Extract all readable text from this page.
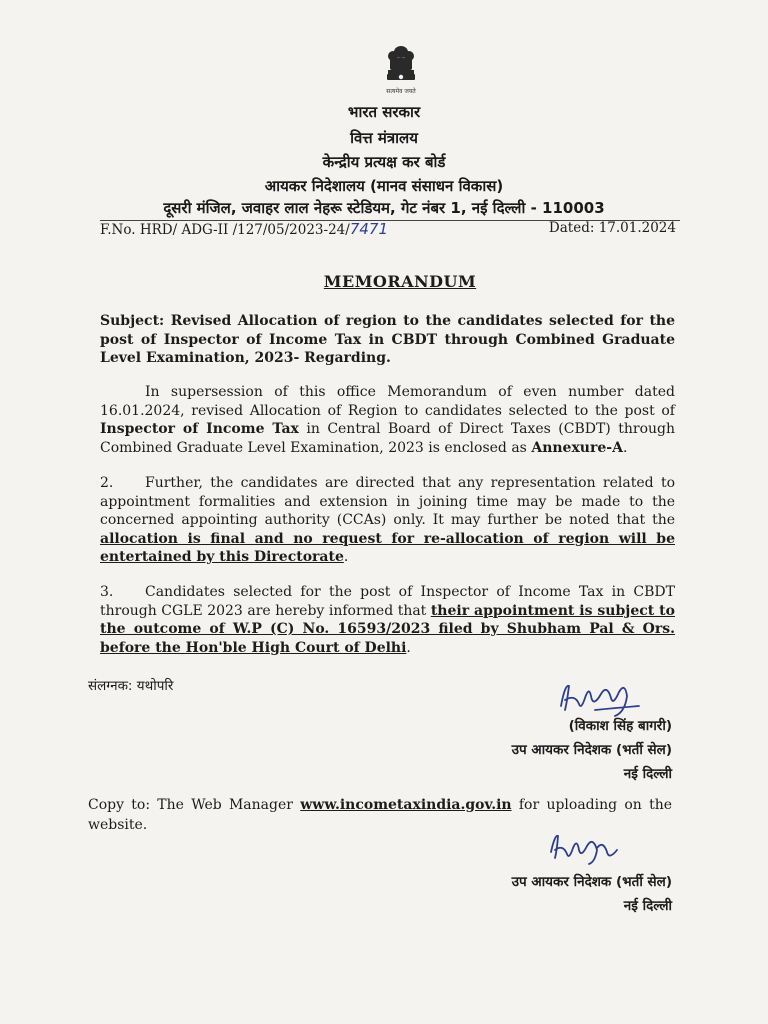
सत्यमेव जयते
भारत सरकार
वित्त मंत्रालय
केन्द्रीय प्रत्यक्ष कर बोर्ड
आयकर निदेशालय (मानव संसाधन विकास)
दूसरी मंजिल, जवाहर लाल नेहरू स्टेडियम, गेट नंबर 1, नई दिल्ली - 110003
F.No. HRD/ ADG-II /127/05/2023-24/7471	Dated: 17.01.2024
MEMORANDUM
Subject: Revised Allocation of region to the candidates selected for the post of Inspector of Income Tax in CBDT through Combined Graduate Level Examination, 2023- Regarding.
In supersession of this office Memorandum of even number dated 16.01.2024, revised Allocation of Region to candidates selected to the post of Inspector of Income Tax in Central Board of Direct Taxes (CBDT) through Combined Graduate Level Examination, 2023 is enclosed as Annexure-A.
2. Further, the candidates are directed that any representation related to appointment formalities and extension in joining time may be made to the concerned appointing authority (CCAs) only. It may further be noted that the allocation is final and no request for re-allocation of region will be entertained by this Directorate.
3. Candidates selected for the post of Inspector of Income Tax in CBDT through CGLE 2023 are hereby informed that their appointment is subject to the outcome of W.P (C) No. 16593/2023 filed by Shubham Pal & Ors. before the Hon'ble High Court of Delhi.
संलग्नक: यथोपरि
(विकाश सिंह बागरी)
उप आयकर निदेशक (भर्ती सेल)
नई दिल्ली
Copy to: The Web Manager www.incometaxindia.gov.in for uploading on the website.
उप आयकर निदेशक (भर्ती सेल)
नई दिल्ली
